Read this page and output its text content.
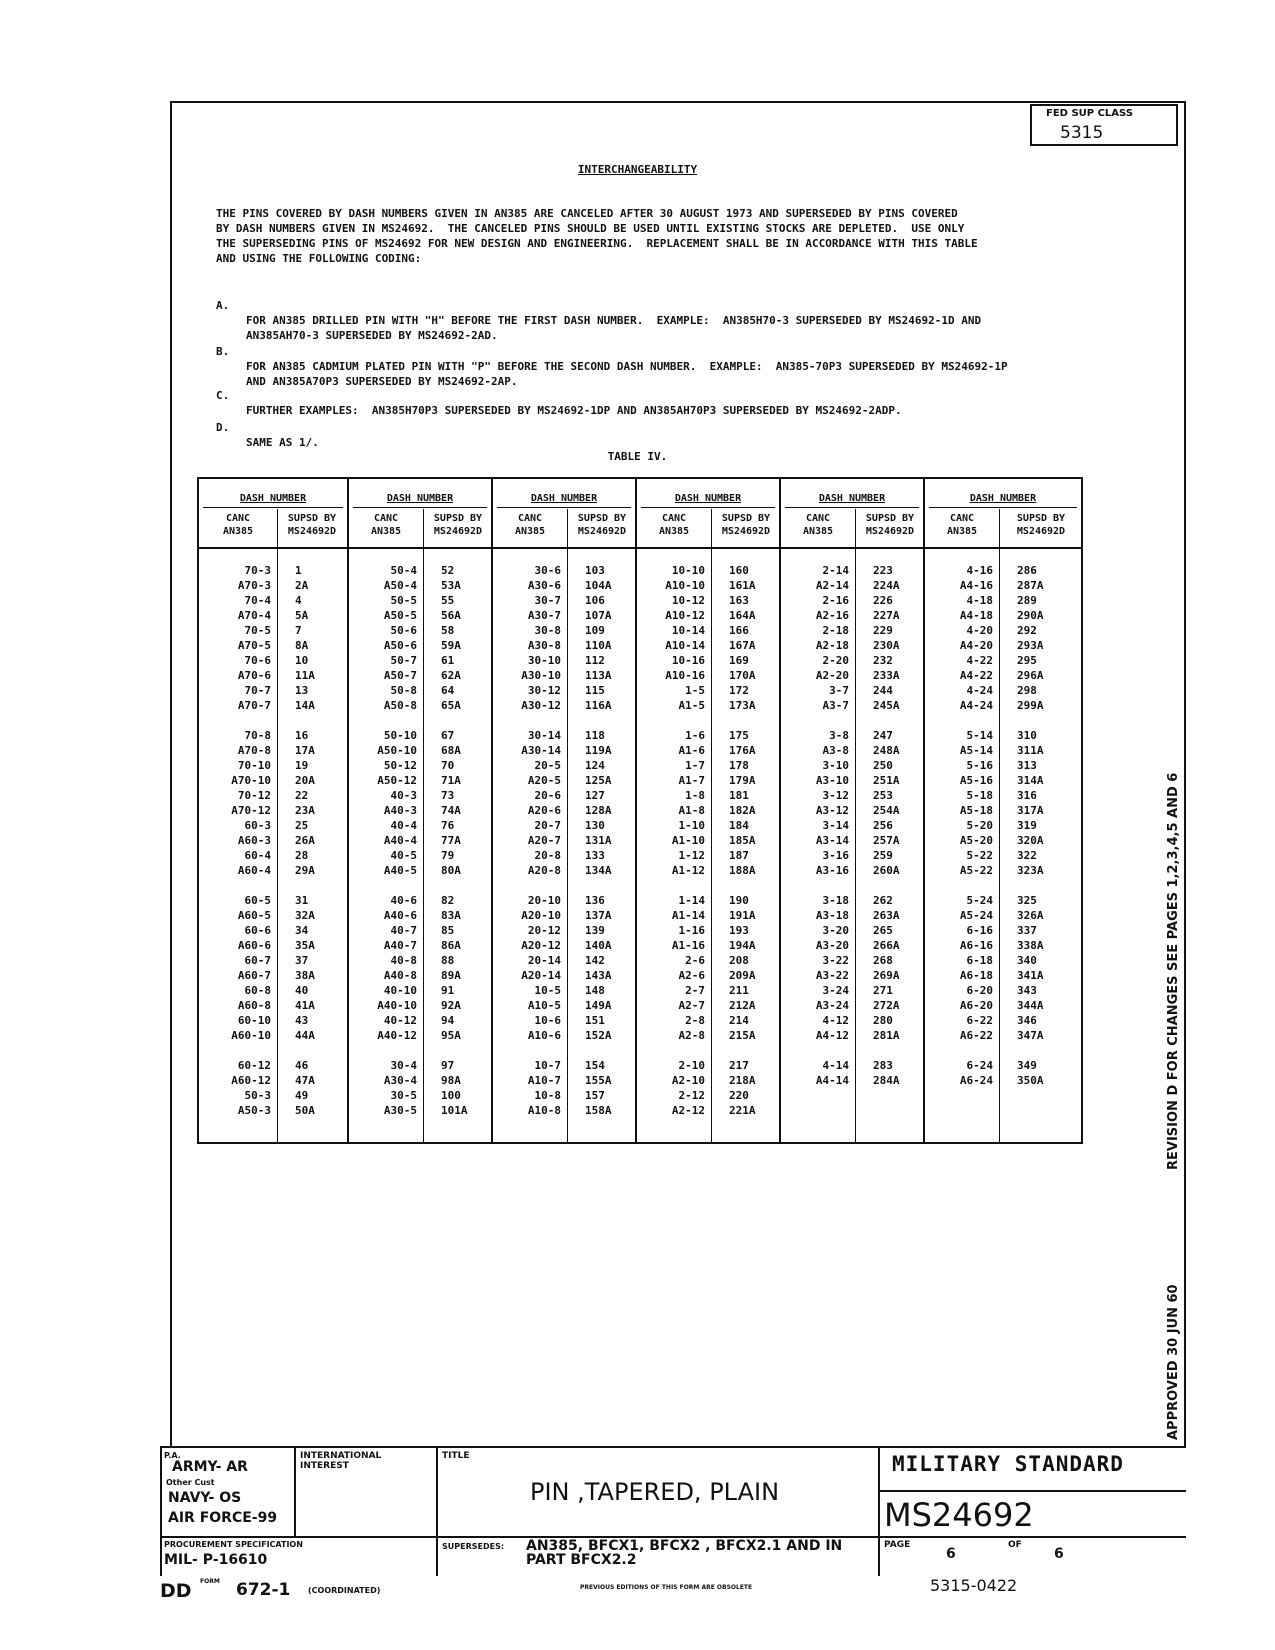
FED SUP CLASS
5315
INTERCHANGEABILITY
THE PINS COVERED BY DASH NUMBERS GIVEN IN AN385 ARE CANCELED AFTER 30 AUGUST 1973 AND SUPERSEDED BY PINS COVERED
BY DASH NUMBERS GIVEN IN MS24692.  THE CANCELED PINS SHOULD BE USED UNTIL EXISTING STOCKS ARE DEPLETED.  USE ONLY
THE SUPERSEDING PINS OF MS24692 FOR NEW DESIGN AND ENGINEERING.  REPLACEMENT SHALL BE IN ACCORDANCE WITH THIS TABLE
AND USING THE FOLLOWING CODING:

A.

FOR AN385 DRILLED PIN WITH "H" BEFORE THE FIRST DASH NUMBER.  EXAMPLE:  AN385H70-3 SUPERSEDED BY MS24692-1D AND
AN385AH70-3 SUPERSEDED BY MS24692-2AD.

B.

FOR AN385 CADMIUM PLATED PIN WITH "P" BEFORE THE SECOND DASH NUMBER.  EXAMPLE:  AN385-70P3 SUPERSEDED BY MS24692-1P
AND AN385A70P3 SUPERSEDED BY MS24692-2AP.

C.

FURTHER EXAMPLES:  AN385H70P3 SUPERSEDED BY MS24692-1DP AND AN385AH70P3 SUPERSEDED BY MS24692-2ADP.

D.

SAME AS 1/.

TABLE IV.
DASH NUMBER
CANC
AN385
SUPSD BY
MS24692D
70-3
A70-3
70-4
A70-4
70-5
A70-5
70-6
A70-6
70-7
A70-7

70-8
A70-8
70-10
A70-10
70-12
A70-12
60-3
A60-3
60-4
A60-4

60-5
A60-5
60-6
A60-6
60-7
A60-7
60-8
A60-8
60-10
A60-10

60-12
A60-12
50-3
A50-3
1
2A
4
5A
7
8A
10
11A
13
14A

16
17A
19
20A
22
23A
25
26A
28
29A

31
32A
34
35A
37
38A
40
41A
43
44A

46
47A
49
50A
DASH NUMBER
CANC
AN385
SUPSD BY
MS24692D
50-4
A50-4
50-5
A50-5
50-6
A50-6
50-7
A50-7
50-8
A50-8

50-10
A50-10
50-12
A50-12
40-3
A40-3
40-4
A40-4
40-5
A40-5

40-6
A40-6
40-7
A40-7
40-8
A40-8
40-10
A40-10
40-12
A40-12

30-4
A30-4
30-5
A30-5
52
53A
55
56A
58
59A
61
62A
64
65A

67
68A
70
71A
73
74A
76
77A
79
80A

82
83A
85
86A
88
89A
91
92A
94
95A

97
98A
100
101A
DASH NUMBER
CANC
AN385
SUPSD BY
MS24692D
30-6
A30-6
30-7
A30-7
30-8
A30-8
30-10
A30-10
30-12
A30-12

30-14
A30-14
20-5
A20-5
20-6
A20-6
20-7
A20-7
20-8
A20-8

20-10
A20-10
20-12
A20-12
20-14
A20-14
10-5
A10-5
10-6
A10-6

10-7
A10-7
10-8
A10-8
103
104A
106
107A
109
110A
112
113A
115
116A

118
119A
124
125A
127
128A
130
131A
133
134A

136
137A
139
140A
142
143A
148
149A
151
152A

154
155A
157
158A
DASH NUMBER
CANC
AN385
SUPSD BY
MS24692D
10-10
A10-10
10-12
A10-12
10-14
A10-14
10-16
A10-16
1-5
A1-5

1-6
A1-6
1-7
A1-7
1-8
A1-8
1-10
A1-10
1-12
A1-12

1-14
A1-14
1-16
A1-16
2-6
A2-6
2-7
A2-7
2-8
A2-8

2-10
A2-10
2-12
A2-12
160
161A
163
164A
166
167A
169
170A
172
173A

175
176A
178
179A
181
182A
184
185A
187
188A

190
191A
193
194A
208
209A
211
212A
214
215A

217
218A
220
221A
DASH NUMBER
CANC
AN385
SUPSD BY
MS24692D
2-14
A2-14
2-16
A2-16
2-18
A2-18
2-20
A2-20
3-7
A3-7

3-8
A3-8
3-10
A3-10
3-12
A3-12
3-14
A3-14
3-16
A3-16

3-18
A3-18
3-20
A3-20
3-22
A3-22
3-24
A3-24
4-12
A4-12

4-14
A4-14
223
224A
226
227A
229
230A
232
233A
244
245A

247
248A
250
251A
253
254A
256
257A
259
260A

262
263A
265
266A
268
269A
271
272A
280
281A

283
284A
DASH NUMBER
CANC
AN385
SUPSD BY
MS24692D
4-16
A4-16
4-18
A4-18
4-20
A4-20
4-22
A4-22
4-24
A4-24

5-14
A5-14
5-16
A5-16
5-18
A5-18
5-20
A5-20
5-22
A5-22

5-24
A5-24
6-16
A6-16
6-18
A6-18
6-20
A6-20
6-22
A6-22

6-24
A6-24
286
287A
289
290A
292
293A
295
296A
298
299A

310
311A
313
314A
316
317A
319
320A
322
323A

325
326A
337
338A
340
341A
343
344A
346
347A

349
350A
P.A.
ARMY- AR
Other Cust
NAVY- OS
AIR FORCE-99
INTERNATIONAL
INTEREST
TITLE
PIN ,TAPERED, PLAIN
MILITARY STANDARD
MS24692
PROCUREMENT SPECIFICATION
MIL- P-16610
SUPERSEDES: AN385, BFCX1, BFCX2 , BFCX2.1 AND IN
PART BFCX2.2
PAGE
6
OF
6
DD FORM 672-1 (COORDINATED)	PREVIOUS EDITIONS OF THIS FORM ARE OBSOLETE	5315-0422
REVISION D FOR CHANGES SEE PAGES 1,2,3,4,5 AND 6
APPROVED 30 JUN 60
